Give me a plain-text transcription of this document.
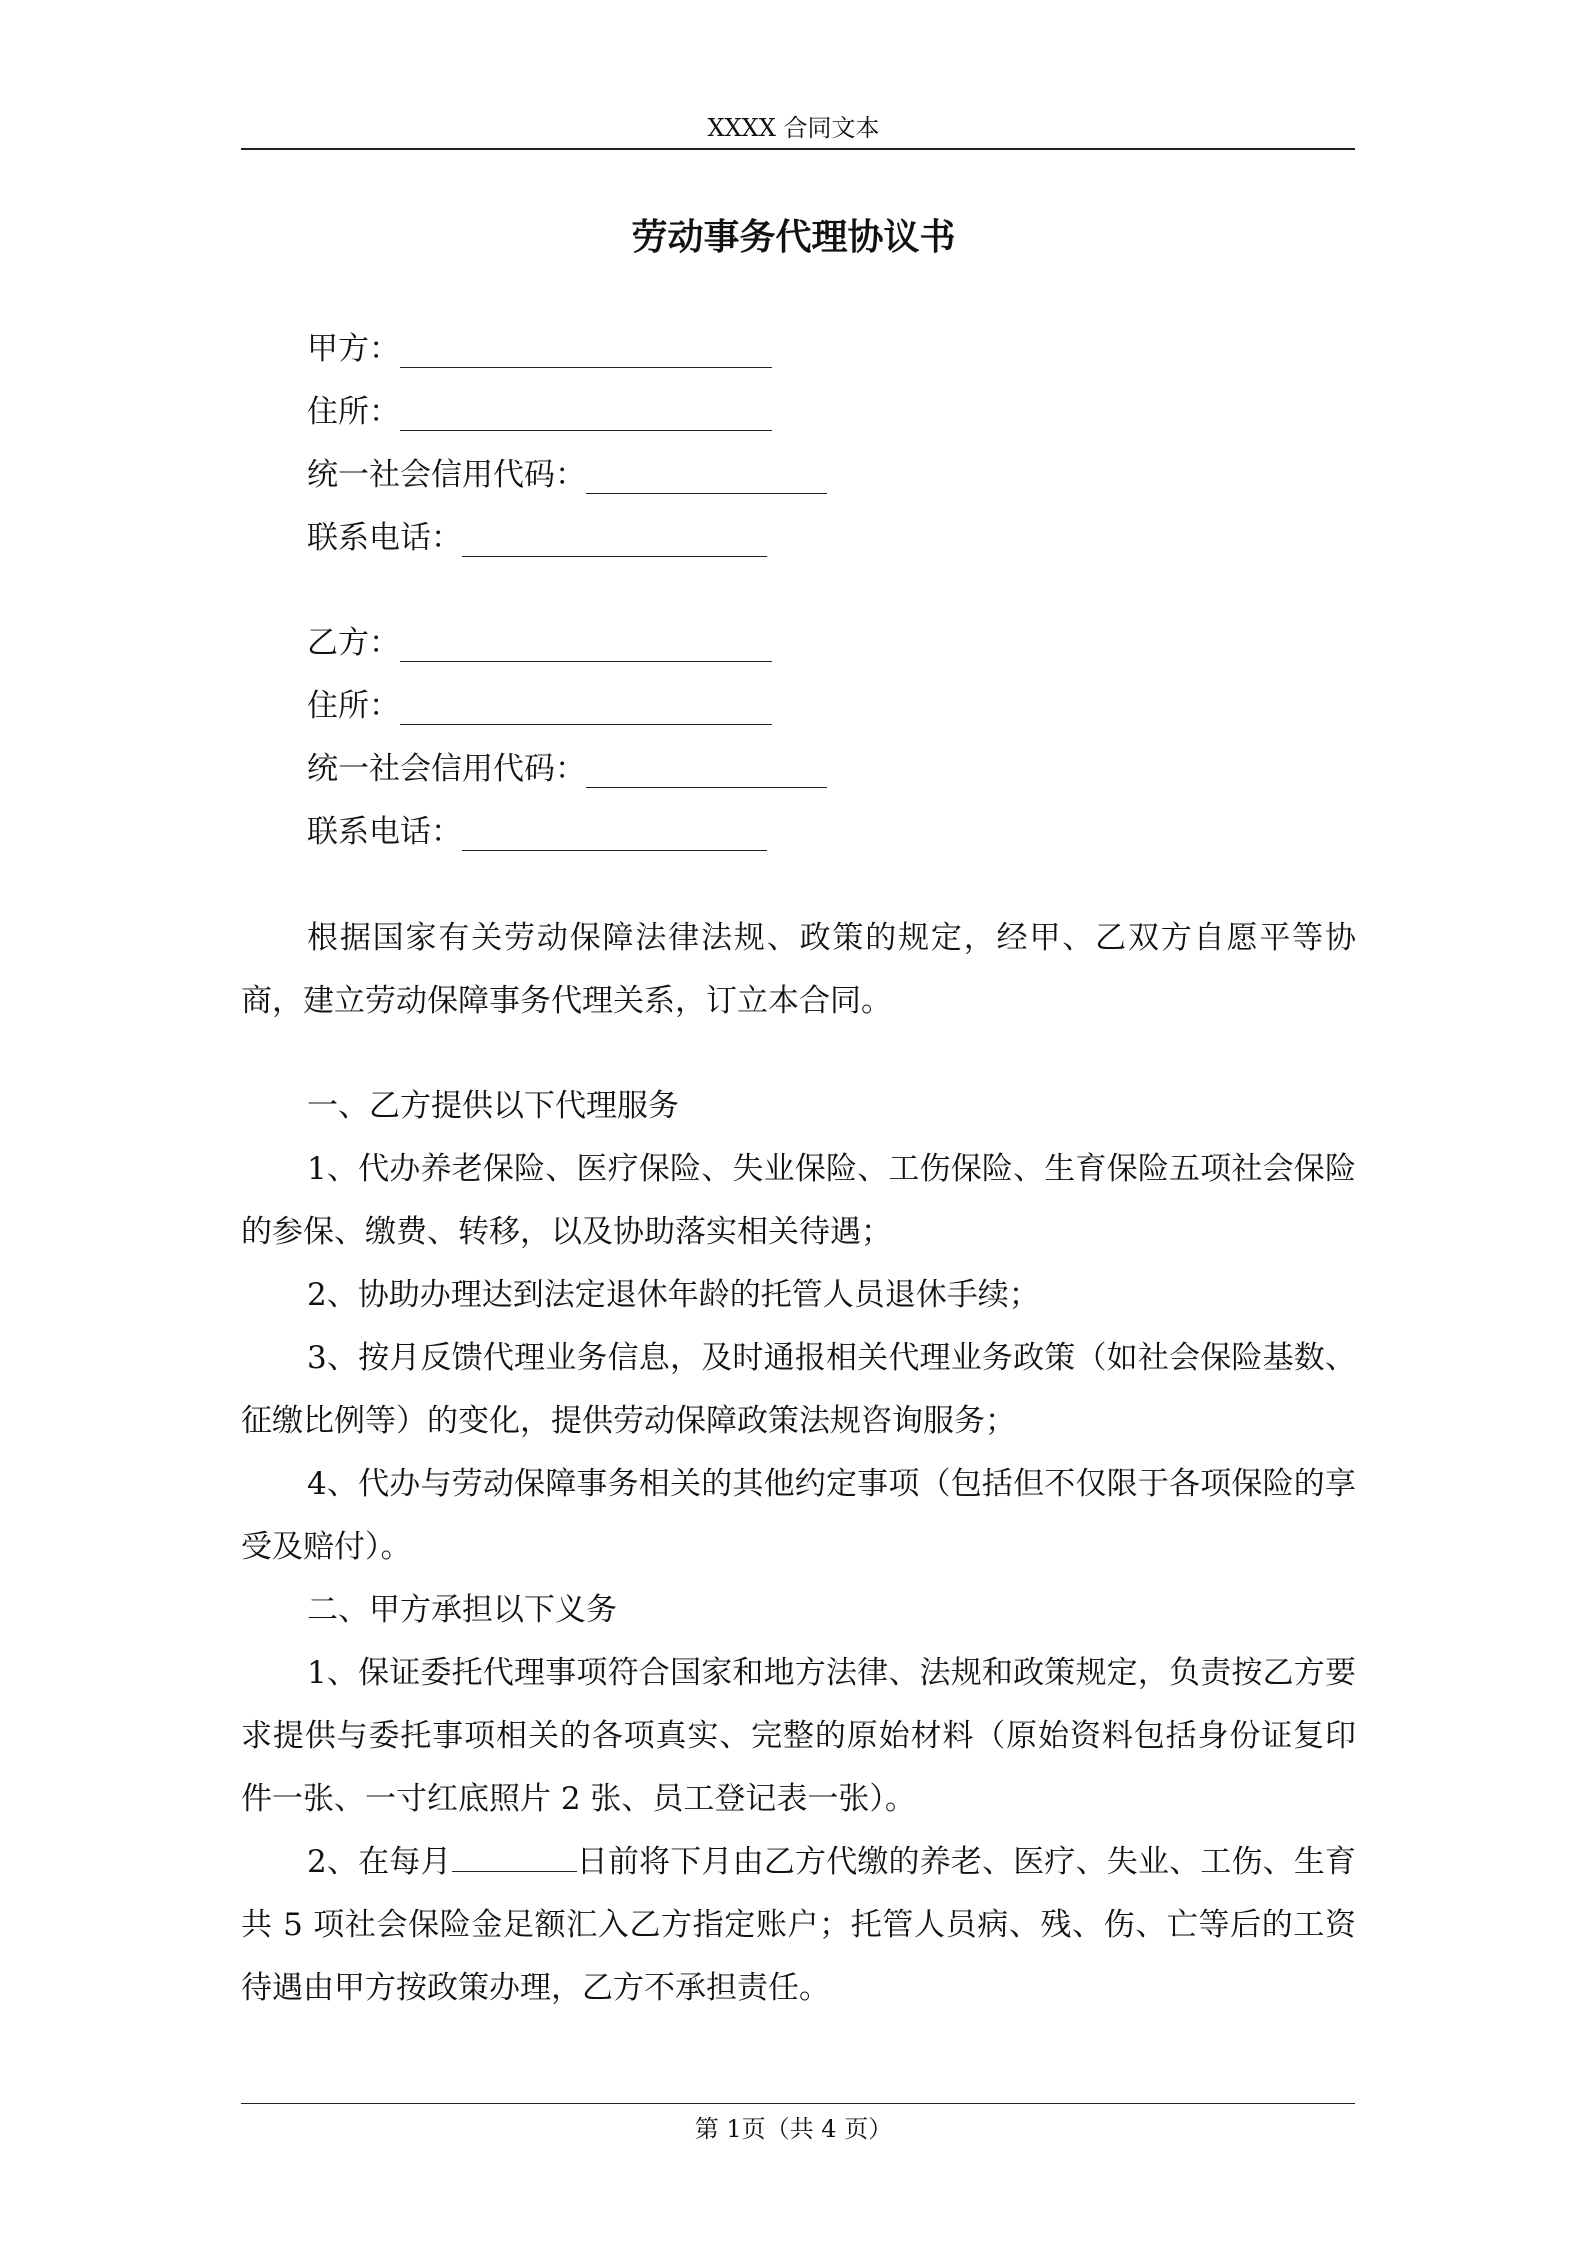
XXXX 合同文本
劳动事务代理协议书
甲方：
住所：
统一社会信用代码：
联系电话：
乙方：
住所：
统一社会信用代码：
联系电话：
根据国家有关劳动保障法律法规、政策的规定，经甲、乙双方自愿平等协商，建立劳动保障事务代理关系，订立本合同。
一、乙方提供以下代理服务
1、代办养老保险、医疗保险、失业保险、工伤保险、生育保险五项社会保险的参保、缴费、转移，以及协助落实相关待遇；
2、协助办理达到法定退休年龄的托管人员退休手续；
3、按月反馈代理业务信息，及时通报相关代理业务政策（如社会保险基数、征缴比例等）的变化，提供劳动保障政策法规咨询服务；
4、代办与劳动保障事务相关的其他约定事项（包括但不仅限于各项保险的享受及赔付）。
二、甲方承担以下义务
1、保证委托代理事项符合国家和地方法律、法规和政策规定，负责按乙方要求提供与委托事项相关的各项真实、完整的原始材料（原始资料包括身份证复印件一张、一寸红底照片 2 张、员工登记表一张）。
2、在每月	日前将下月由乙方代缴的养老、医疗、失业、工伤、生育共 5 项社会保险金足额汇入乙方指定账户；托管人员病、残、伤、亡等后的工资待遇由甲方按政策办理，乙方不承担责任。
第 1页（共 4 页）
